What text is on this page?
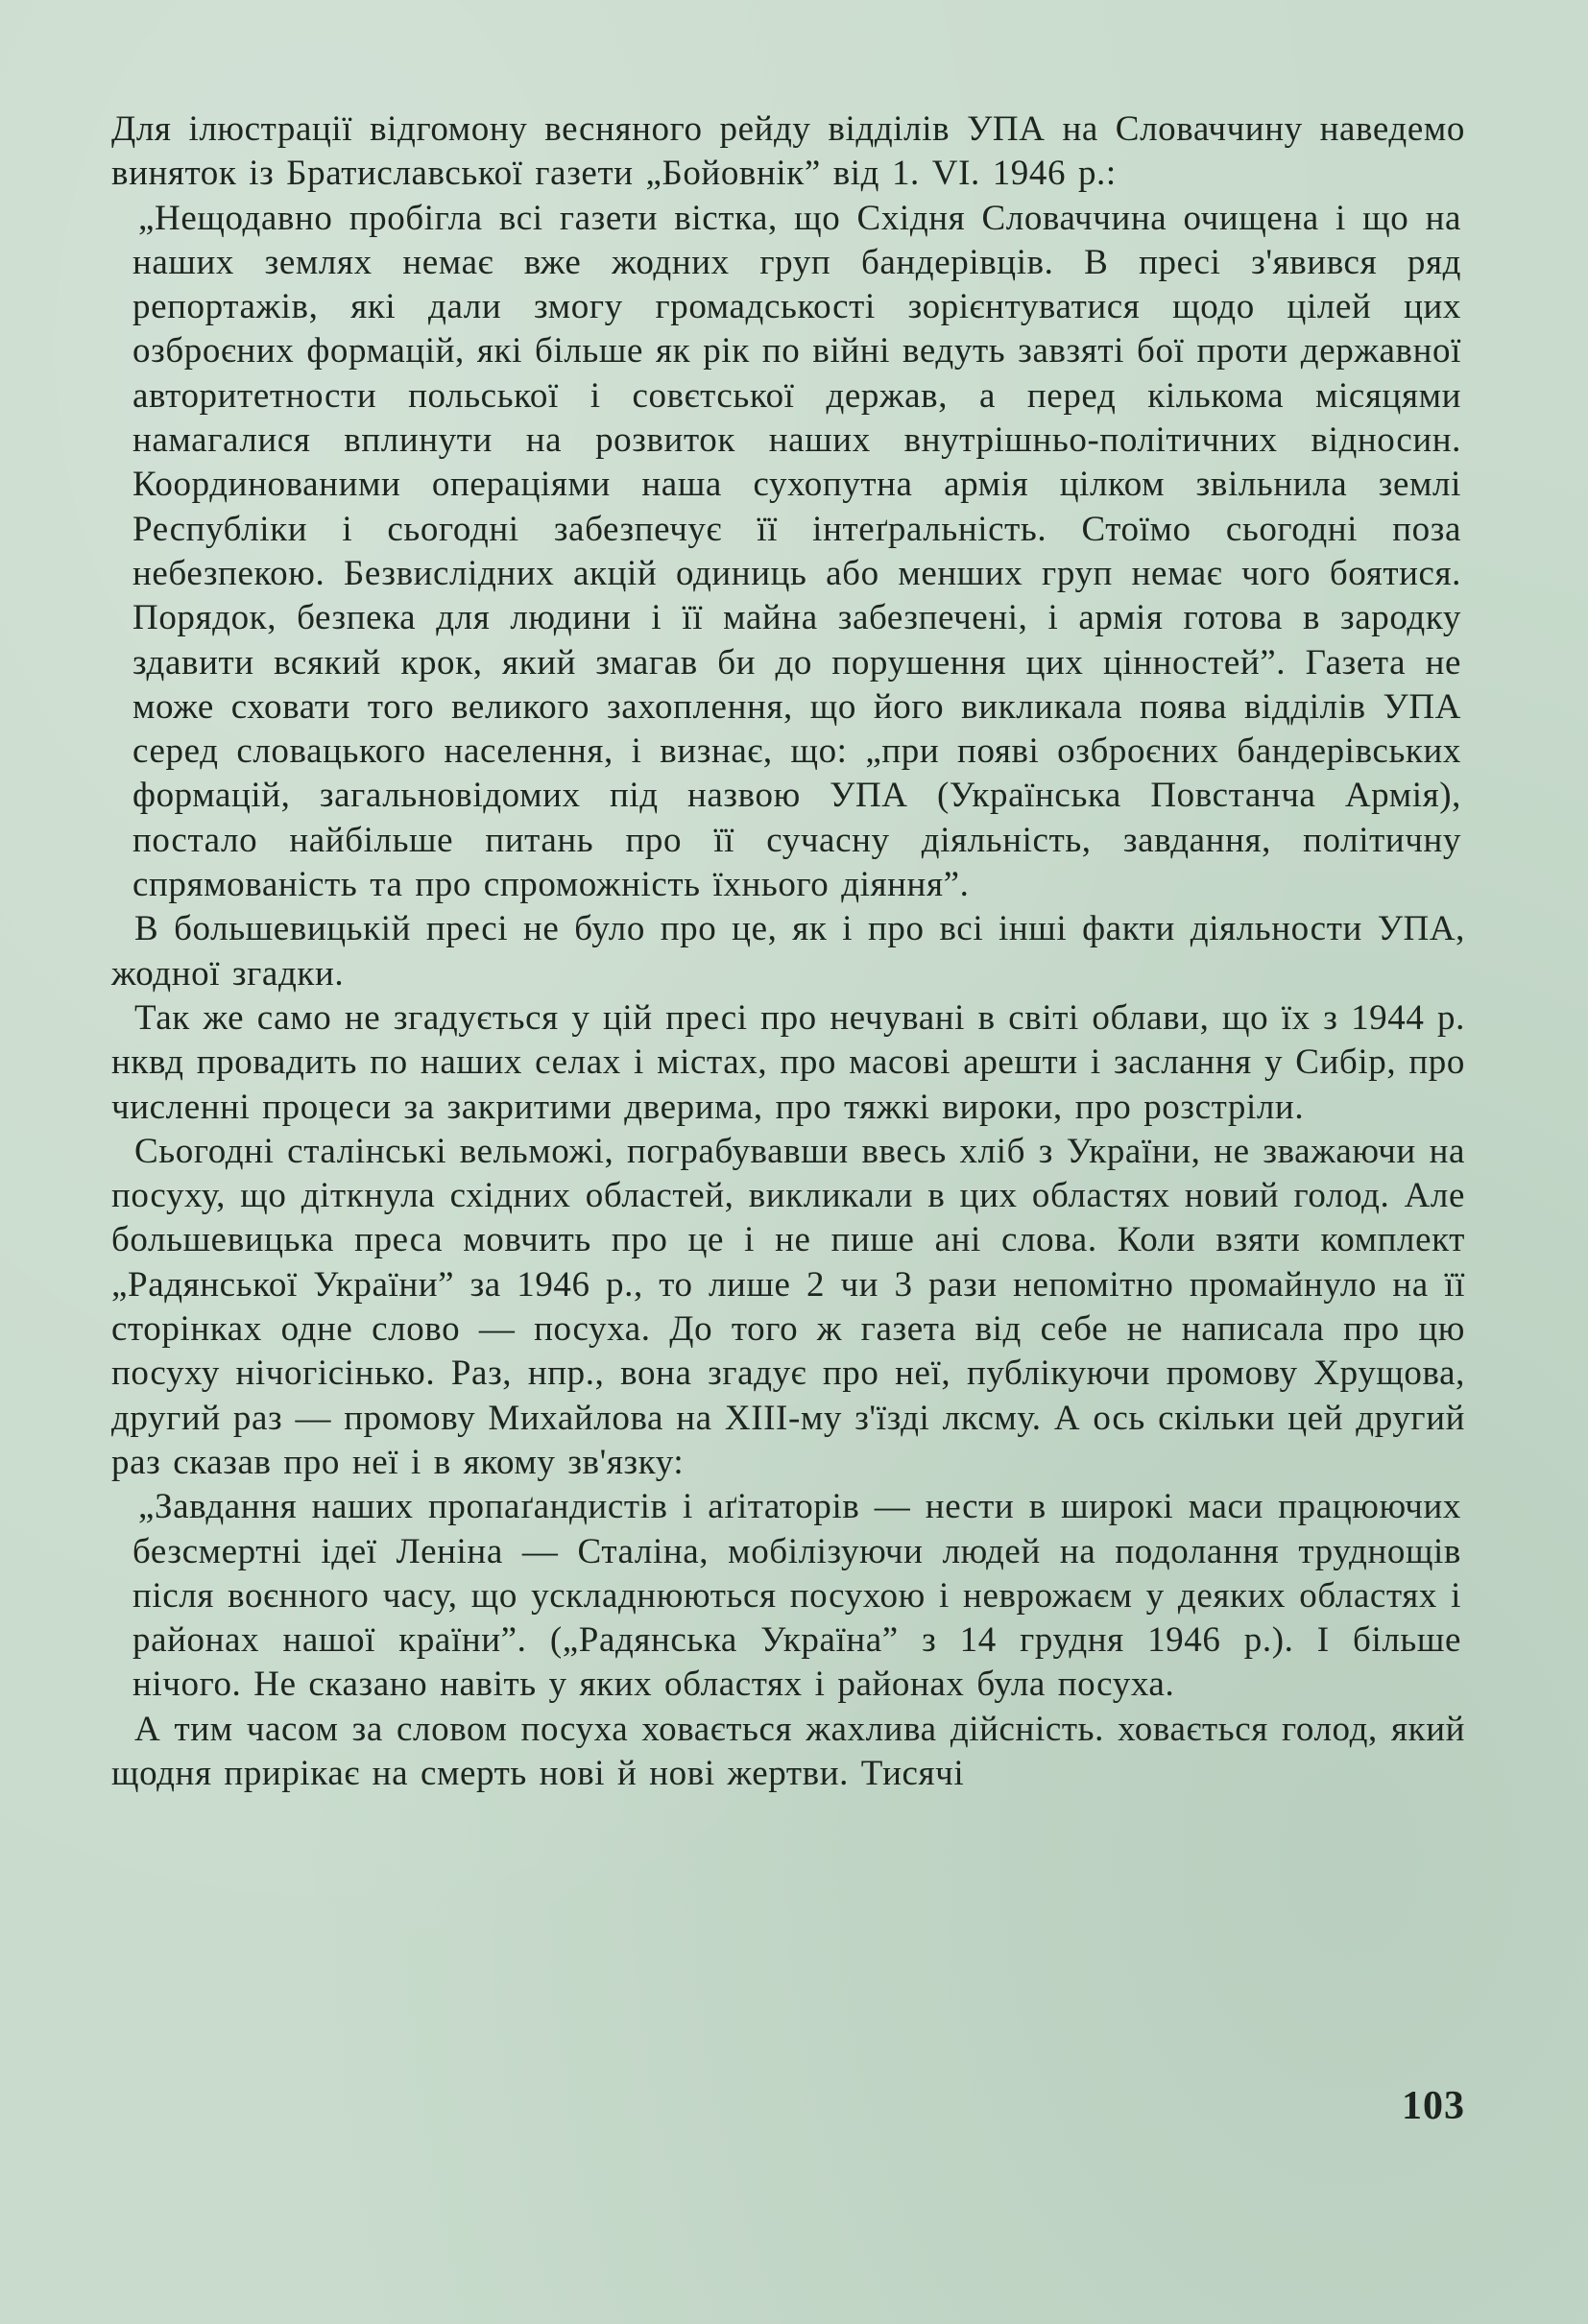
Для ілюстрації відгомону весняного рейду відділів УПА на Словаччину наведемо виняток із Братиславської газети „Бойовнік” від 1. VI. 1946 р.:

„Нещодавно пробігла всі газети вістка, що Східня Словаччина очищена і що на наших землях немає вже жодних груп бандерівців. В пресі з'явився ряд репортажів, які дали змогу громадськості зорієнтуватися щодо цілей цих озброєних формацій, які більше як рік по війні ведуть завзяті бої проти державної авторитетности польської і совєтської держав, а перед кількома місяцями намагалися вплинути на розвиток наших внутрішньо-політичних відносин. Координованими операціями наша сухопутна армія цілком звільнила землі Республіки і сьогодні забезпечує її інтеґральність. Стоїмо сьогодні поза небезпекою. Безвислідних акцій одиниць або менших груп немає чого боятися. Порядок, безпека для людини і її майна забезпечені, і армія готова в зародку здавити всякий крок, який змагав би до порушення цих цінностей”. Газета не може сховати того великого захоплення, що його викликала поява відділів УПА серед словацького населення, і визнає, що: „при появі озброєних бандерівських формацій, загальновідомих під назвою УПА (Українська Повстанча Армія), постало найбільше питань про її сучасну діяльність, завдання, політичну спрямованість та про спроможність їхнього діяння”.

В большевицькій пресі не було про це, як і про всі інші факти діяльности УПА, жодної згадки.

Так же само не згадується у цій пресі про нечувані в світі облави, що їх з 1944 р. нквд провадить по наших селах і містах, про масові арешти і заслання у Сибір, про численні процеси за закритими дверима, про тяжкі вироки, про розстріли.

Сьогодні сталінські вельможі, пограбувавши ввесь хліб з України, не зважаючи на посуху, що діткнула східних областей, викликали в цих областях новий голод. Але большевицька преса мовчить про це і не пише ані слова. Коли взяти комплект „Радянської України” за 1946 р., то лише 2 чи 3 рази непомітно промайнуло на її сторінках одне слово — посуха. До того ж газета від себе не написала про цю посуху нічогісінько. Раз, нпр., вона згадує про неї, публікуючи промову Хрущова, другий раз — промову Михайлова на XIII-му з'їзді лксму. А ось скільки цей другий раз сказав про неї і в якому зв'язку:

„Завдання наших пропаґандистів і аґітаторів — нести в широкі маси працюючих безсмертні ідеї Леніна — Сталіна, мобілізуючи людей на подолання труднощів після воєнного часу, що ускладнюються посухою і неврожаєм у деяких областях і районах нашої країни”. („Радянська Україна” з 14 грудня 1946 р.). І більше нічого. Не сказано навіть у яких областях і районах була посуха.

А тим часом за словом посуха ховається жахлива дійсність. ховається голод, який щодня прирікає на смерть нові й нові жертви. Тисячі

103
